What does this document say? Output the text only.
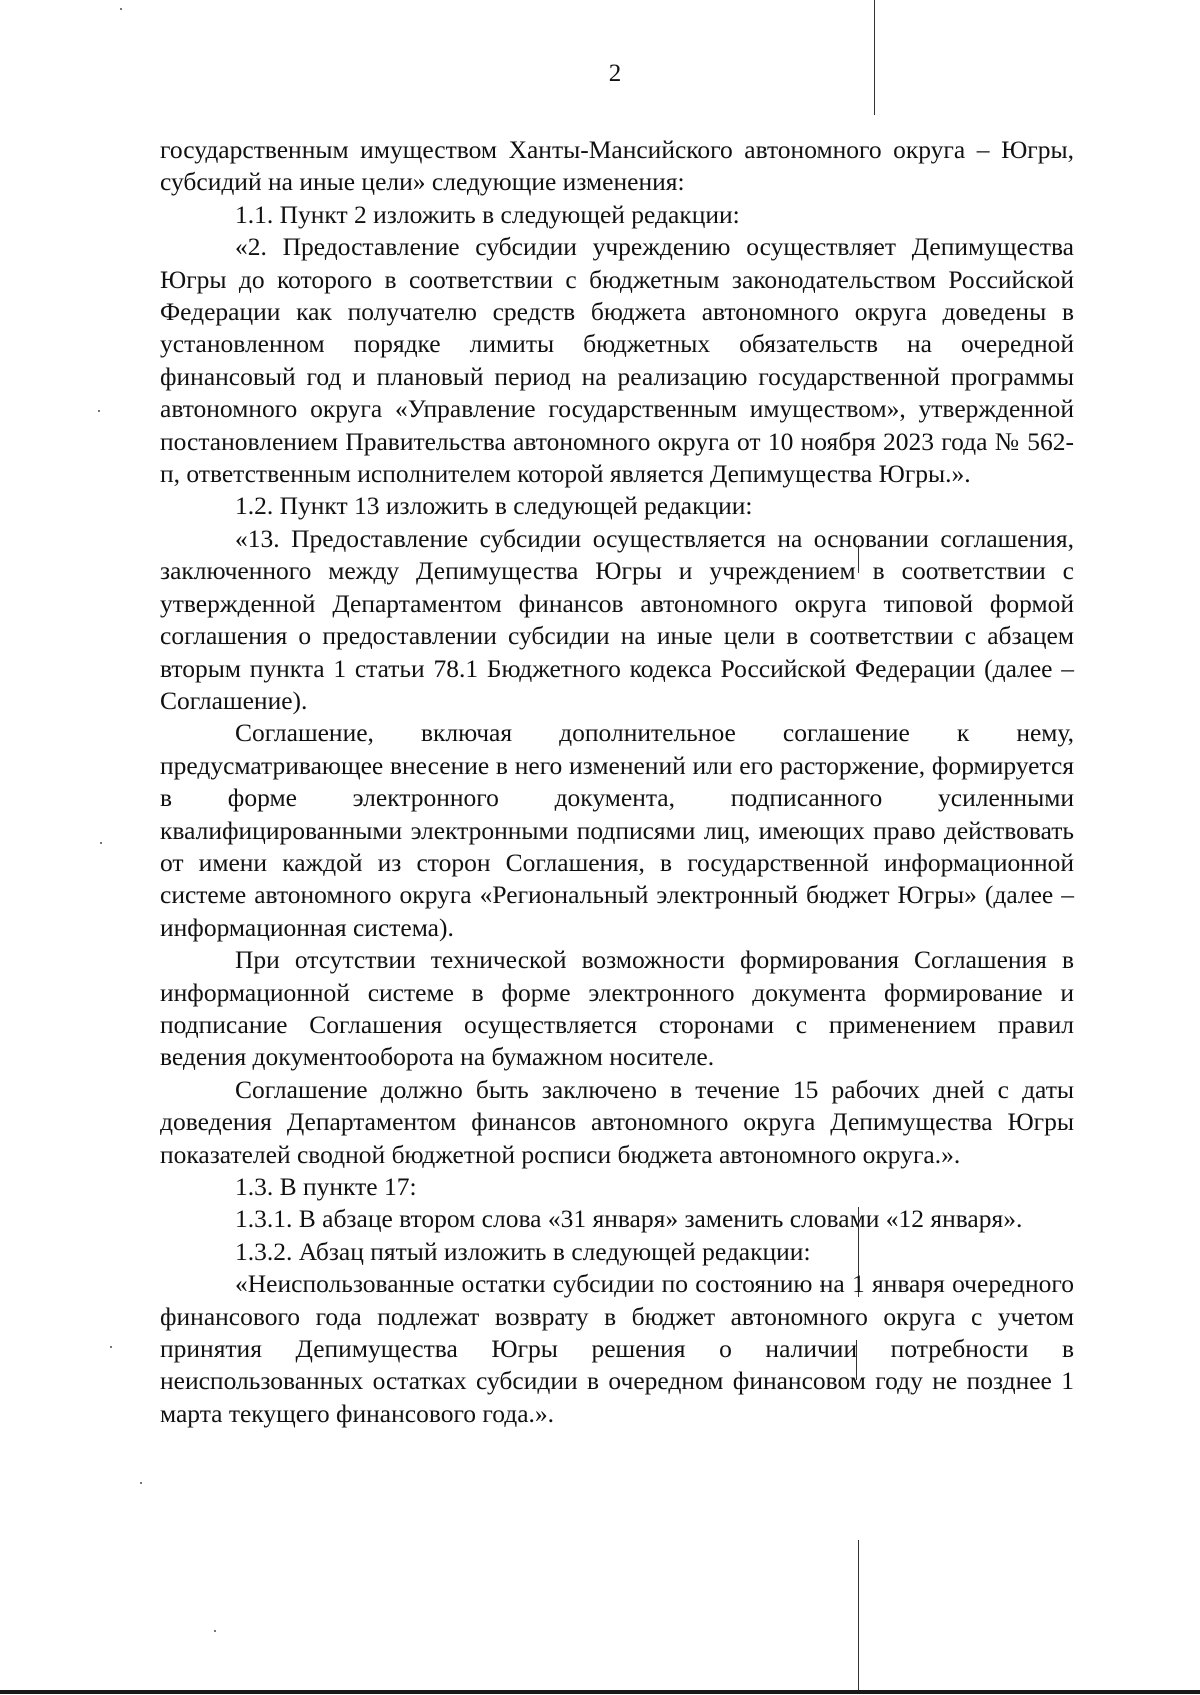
2

государственным имуществом Ханты-Мансийского автономного округа – Югры, субсидий на иные цели» следующие изменения:

1.1. Пункт 2 изложить в следующей редакции:

«2. Предоставление субсидии учреждению осуществляет Депимущества Югры до которого в соответствии с бюджетным законодательством Российской Федерации как получателю средств бюджета автономного округа доведены в установленном порядке лимиты бюджетных обязательств на очередной финансовый год и плановый период на реализацию государственной программы автономного округа «Управление государственным имуществом», утвержденной постановлением Правительства автономного округа от 10 ноября 2023 года № 562-п, ответственным исполнителем которой является Депимущества Югры.».

1.2. Пункт 13 изложить в следующей редакции:

«13. Предоставление субсидии осуществляется на основании соглашения, заключенного между Депимущества Югры и учреждением в соответствии с утвержденной Департаментом финансов автономного округа типовой формой соглашения о предоставлении субсидии на иные цели в соответствии с абзацем вторым пункта 1 статьи 78.1 Бюджетного кодекса Российской Федерации (далее – Соглашение).

Соглашение, включая дополнительное соглашение к нему, предусматривающее внесение в него изменений или его расторжение, формируется в форме электронного документа, подписанного усиленными квалифицированными электронными подписями лиц, имеющих право действовать от имени каждой из сторон Соглашения, в государственной информационной системе автономного округа «Региональный электронный бюджет Югры» (далее – информационная система).

При отсутствии технической возможности формирования Соглашения в информационной системе в форме электронного документа формирование и подписание Соглашения осуществляется сторонами с применением правил ведения документооборота на бумажном носителе.

Соглашение должно быть заключено в течение 15 рабочих дней с даты доведения Департаментом финансов автономного округа Депимущества Югры показателей сводной бюджетной росписи бюджета автономного округа.».

1.3. В пункте 17:

1.3.1. В абзаце втором слова «31 января» заменить словами «12 января».

1.3.2. Абзац пятый изложить в следующей редакции:

«Неиспользованные остатки субсидии по состоянию на 1 января очередного финансового года подлежат возврату в бюджет автономного округа с учетом принятия Депимущества Югры решения о наличии потребности в неиспользованных остатках субсидии в очередном финансовом году не позднее 1 марта текущего финансового года.».
